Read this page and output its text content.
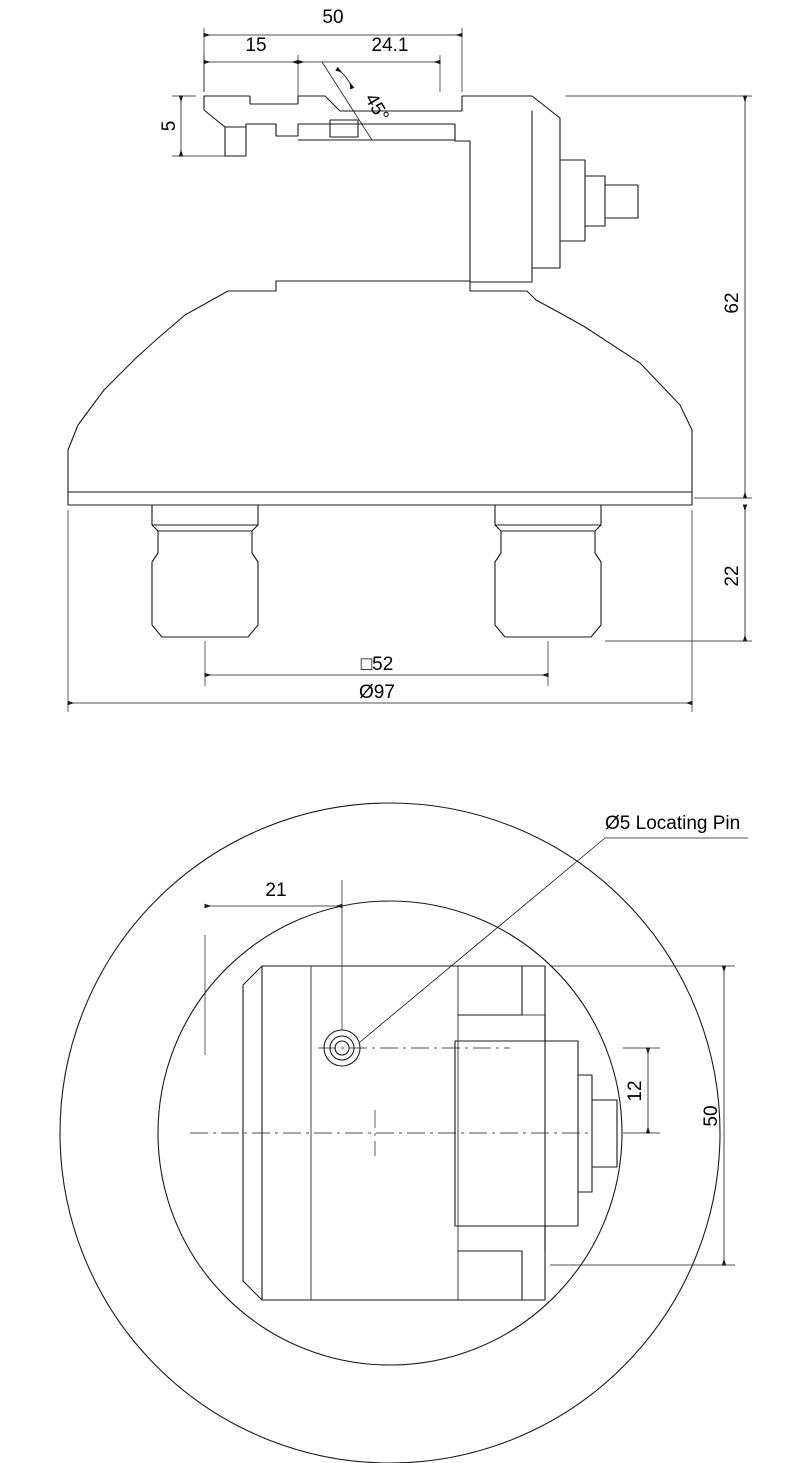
50
15	24.1
45°
5
62
22
□52
Ø97
Ø5 Locating Pin
21
12
50
